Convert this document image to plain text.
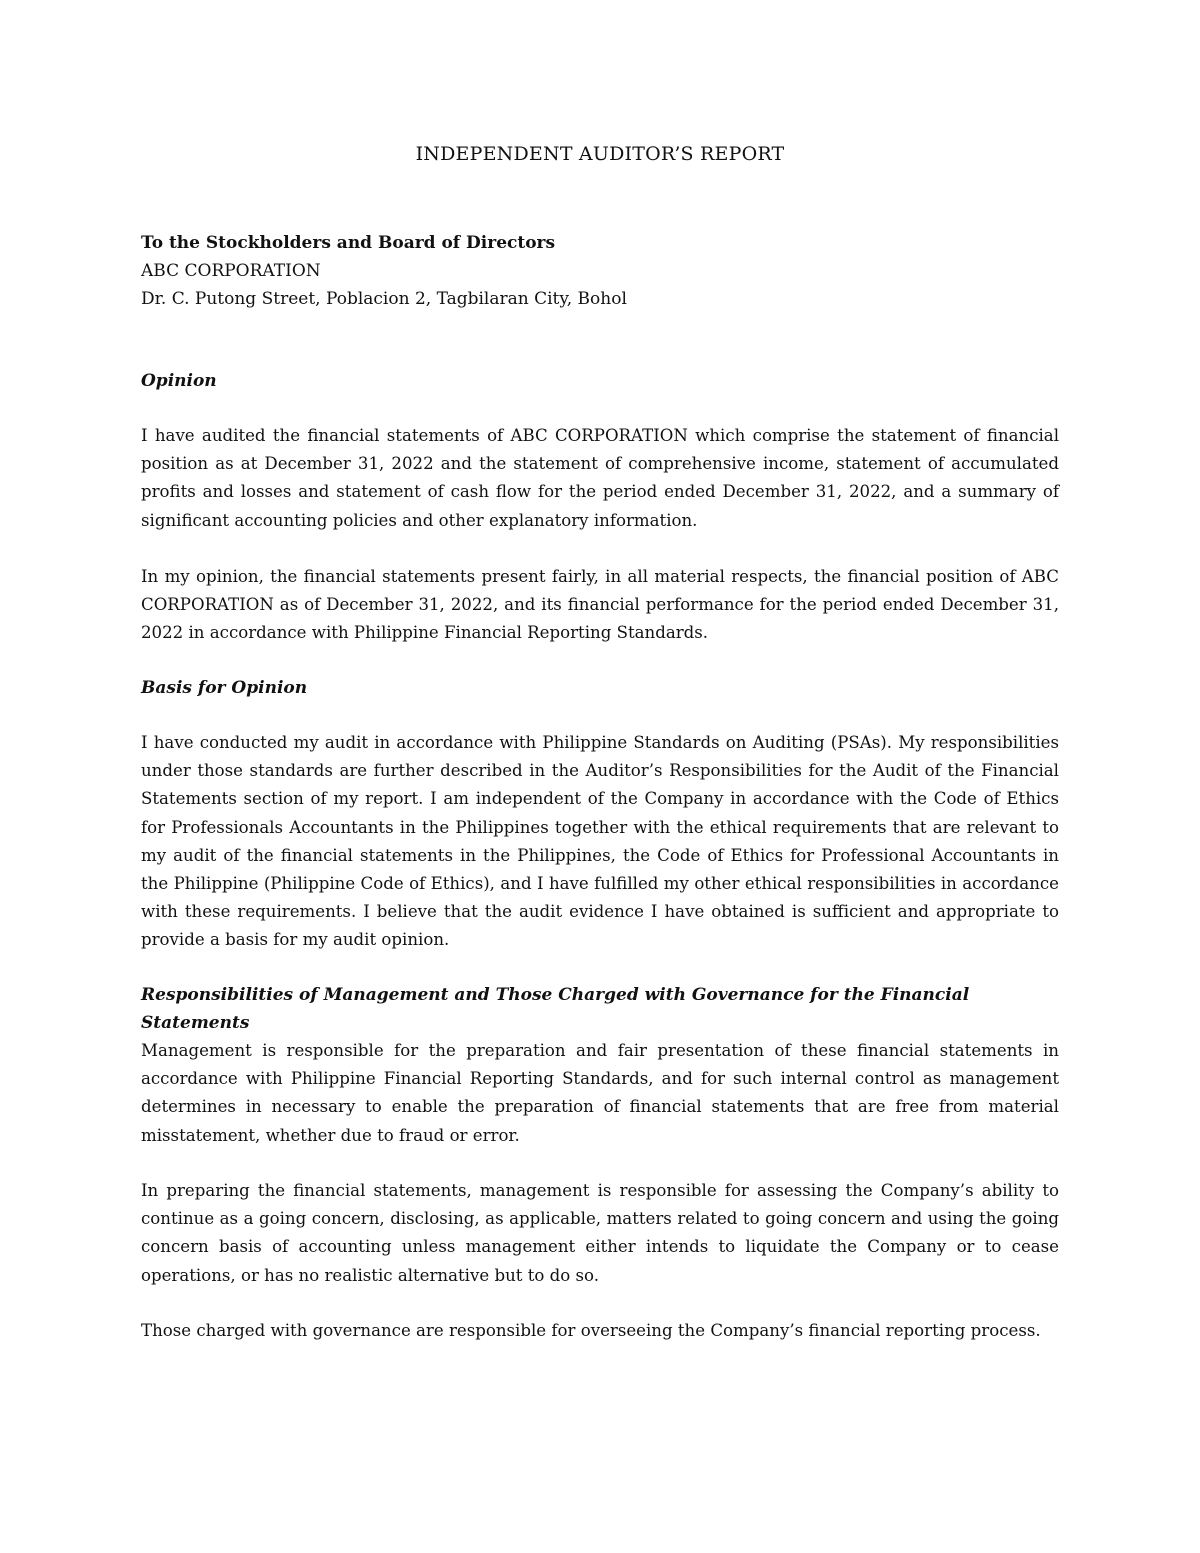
INDEPENDENT AUDITOR’S REPORT
To the Stockholders and Board of Directors
ABC CORPORATION
Dr. C. Putong Street, Poblacion 2, Tagbilaran City, Bohol
Opinion

I have audited the financial statements of ABC CORPORATION which comprise the statement of financial position as at December 31, 2022 and the statement of comprehensive income, statement of accumulated profits and losses and statement of cash flow for the period ended December 31, 2022, and a summary of significant accounting policies and other explanatory information.

In my opinion, the financial statements present fairly, in all material respects, the financial position of ABC CORPORATION as of December 31, 2022, and its financial performance for the period ended December 31, 2022 in accordance with Philippine Financial Reporting Standards.

Basis for Opinion

I have conducted my audit in accordance with Philippine Standards on Auditing (PSAs). My responsibilities under those standards are further described in the Auditor’s Responsibilities for the Audit of the Financial Statements section of my report. I am independent of the Company in accordance with the Code of Ethics for Professionals Accountants in the Philippines together with the ethical requirements that are relevant to my audit of the financial statements in the Philippines, the Code of Ethics for Professional Accountants in the Philippine (Philippine Code of Ethics), and I have fulfilled my other ethical responsibilities in accordance with these requirements. I believe that the audit evidence I have obtained is sufficient and appropriate to provide a basis for my audit opinion.

Responsibilities of Management and Those Charged with Governance for the Financial Statements

Management is responsible for the preparation and fair presentation of these financial statements in accordance with Philippine Financial Reporting Standards, and for such internal control as management determines in necessary to enable the preparation of financial statements that are free from material misstatement, whether due to fraud or error.

In preparing the financial statements, management is responsible for assessing the Company’s ability to continue as a going concern, disclosing, as applicable, matters related to going concern and using the going concern basis of accounting unless management either intends to liquidate the Company or to cease operations, or has no realistic alternative but to do so.

Those charged with governance are responsible for overseeing the Company’s financial reporting process.
